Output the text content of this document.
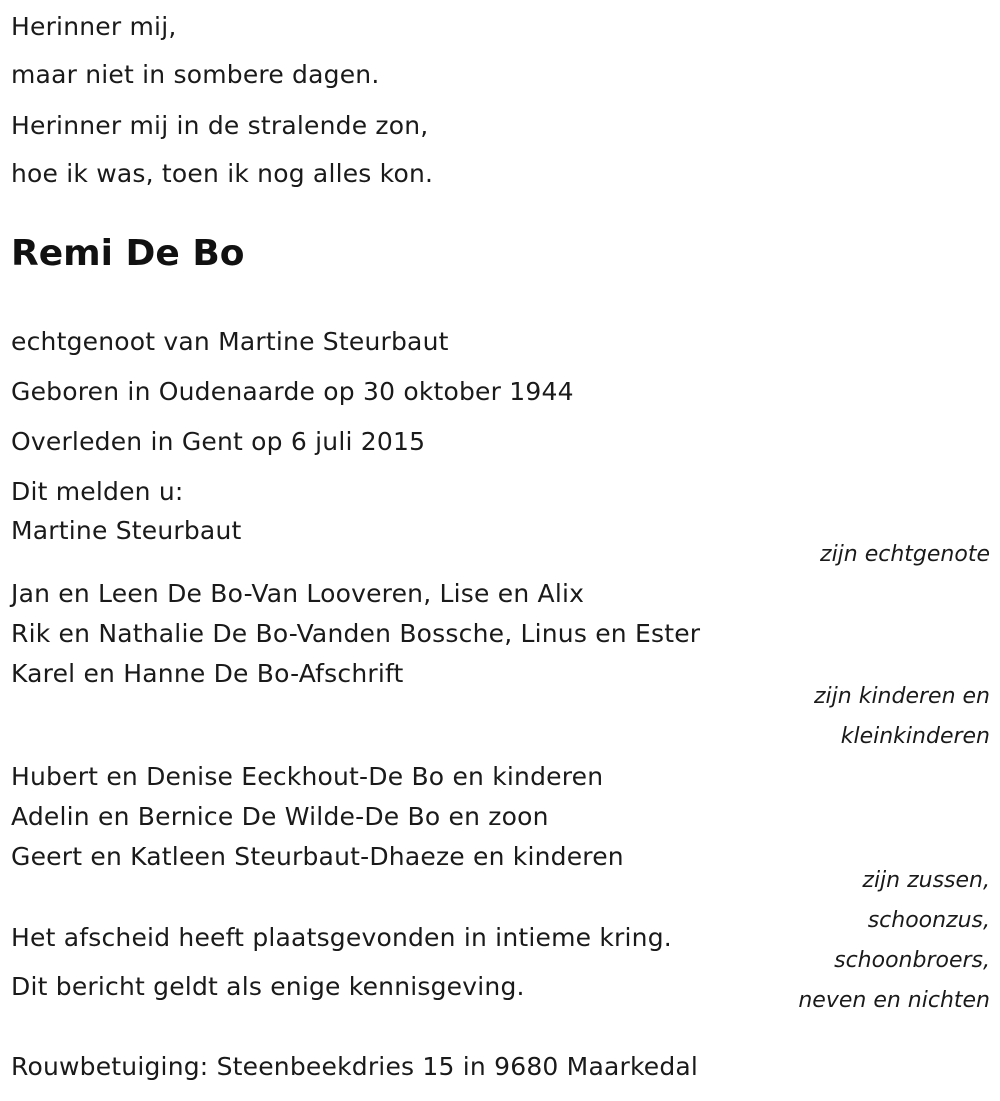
Herinner mij,
maar niet in sombere dagen.
Herinner mij in de stralende zon,
hoe ik was, toen ik nog alles kon.
Remi De Bo
echtgenoot van Martine Steurbaut
Geboren in Oudenaarde op 30 oktober 1944
Overleden in Gent op 6 juli 2015
Dit melden u:
Martine Steurbaut
zijn echtgenote
Jan en Leen De Bo-Van Looveren, Lise en Alix
Rik en Nathalie De Bo-Vanden Bossche, Linus en Ester
Karel en Hanne De Bo-Afschrift
zijn kinderen en
kleinkinderen
Hubert en Denise Eeckhout-De Bo en kinderen
Adelin en Bernice De Wilde-De Bo en zoon
Geert en Katleen Steurbaut-Dhaeze en kinderen
zijn zussen,
schoonzus,
schoonbroers,
neven en nichten
Het afscheid heeft plaatsgevonden in intieme kring.
Dit bericht geldt als enige kennisgeving.
Rouwbetuiging: Steenbeekdries 15 in 9680 Maarkedal
